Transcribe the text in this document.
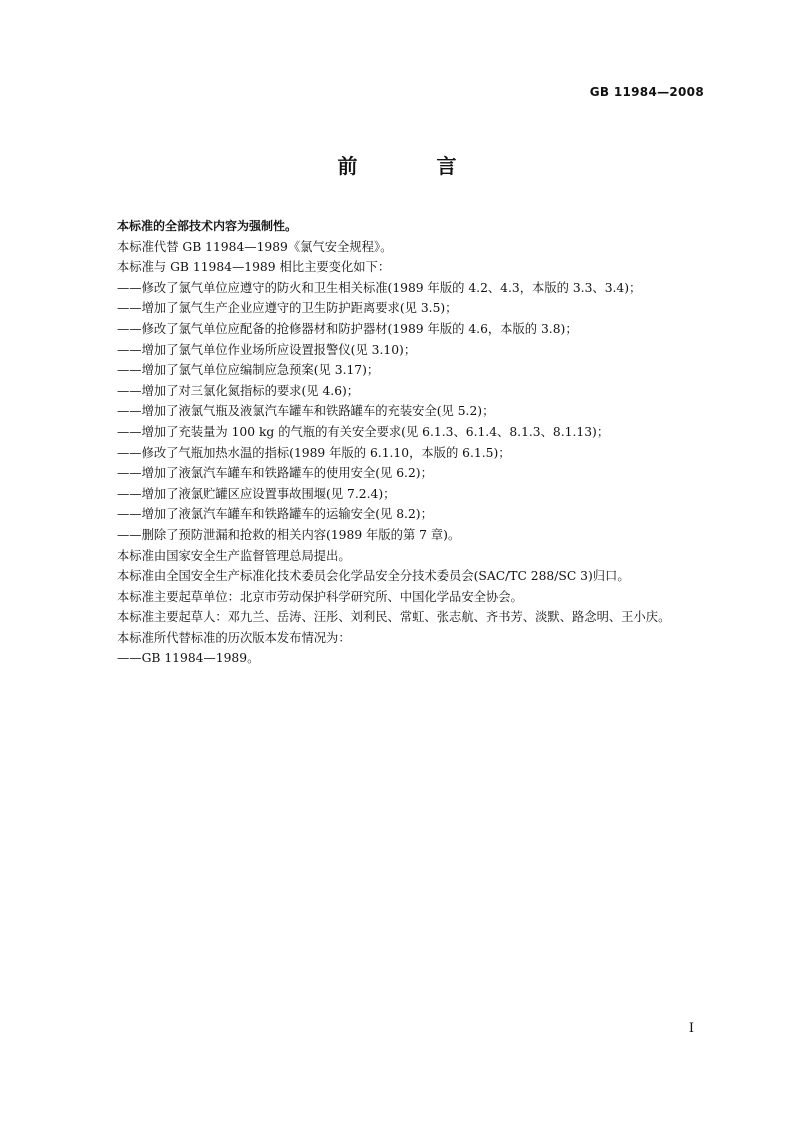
GB 11984—2008
前 言
本标准的全部技术内容为强制性。
本标准代替 GB 11984—1989《氯气安全规程》。
本标准与 GB 11984—1989 相比主要变化如下：
——修改了氯气单位应遵守的防火和卫生相关标准(1989 年版的 4.2、4.3，本版的 3.3、3.4)；
——增加了氯气生产企业应遵守的卫生防护距离要求(见 3.5)；
——修改了氯气单位应配备的抢修器材和防护器材(1989 年版的 4.6，本版的 3.8)；
——增加了氯气单位作业场所应设置报警仪(见 3.10)；
——增加了氯气单位应编制应急预案(见 3.17)；
——增加了对三氯化氮指标的要求(见 4.6)；
——增加了液氯气瓶及液氯汽车罐车和铁路罐车的充装安全(见 5.2)；
——增加了充装量为 100 kg 的气瓶的有关安全要求(见 6.1.3、6.1.4、8.1.3、8.1.13)；
——修改了气瓶加热水温的指标(1989 年版的 6.1.10，本版的 6.1.5)；
——增加了液氯汽车罐车和铁路罐车的使用安全(见 6.2)；
——增加了液氯贮罐区应设置事故围堰(见 7.2.4)；
——增加了液氯汽车罐车和铁路罐车的运输安全(见 8.2)；
——删除了预防泄漏和抢救的相关内容(1989 年版的第 7 章)。
本标准由国家安全生产监督管理总局提出。
本标准由全国安全生产标准化技术委员会化学品安全分技术委员会(SAC/TC 288/SC 3)归口。
本标准主要起草单位：北京市劳动保护科学研究所、中国化学品安全协会。
本标准主要起草人：邓九兰、岳涛、汪彤、刘利民、常虹、张志航、齐书芳、淡默、路念明、王小庆。
本标准所代替标准的历次版本发布情况为：
——GB 11984—1989。
I
